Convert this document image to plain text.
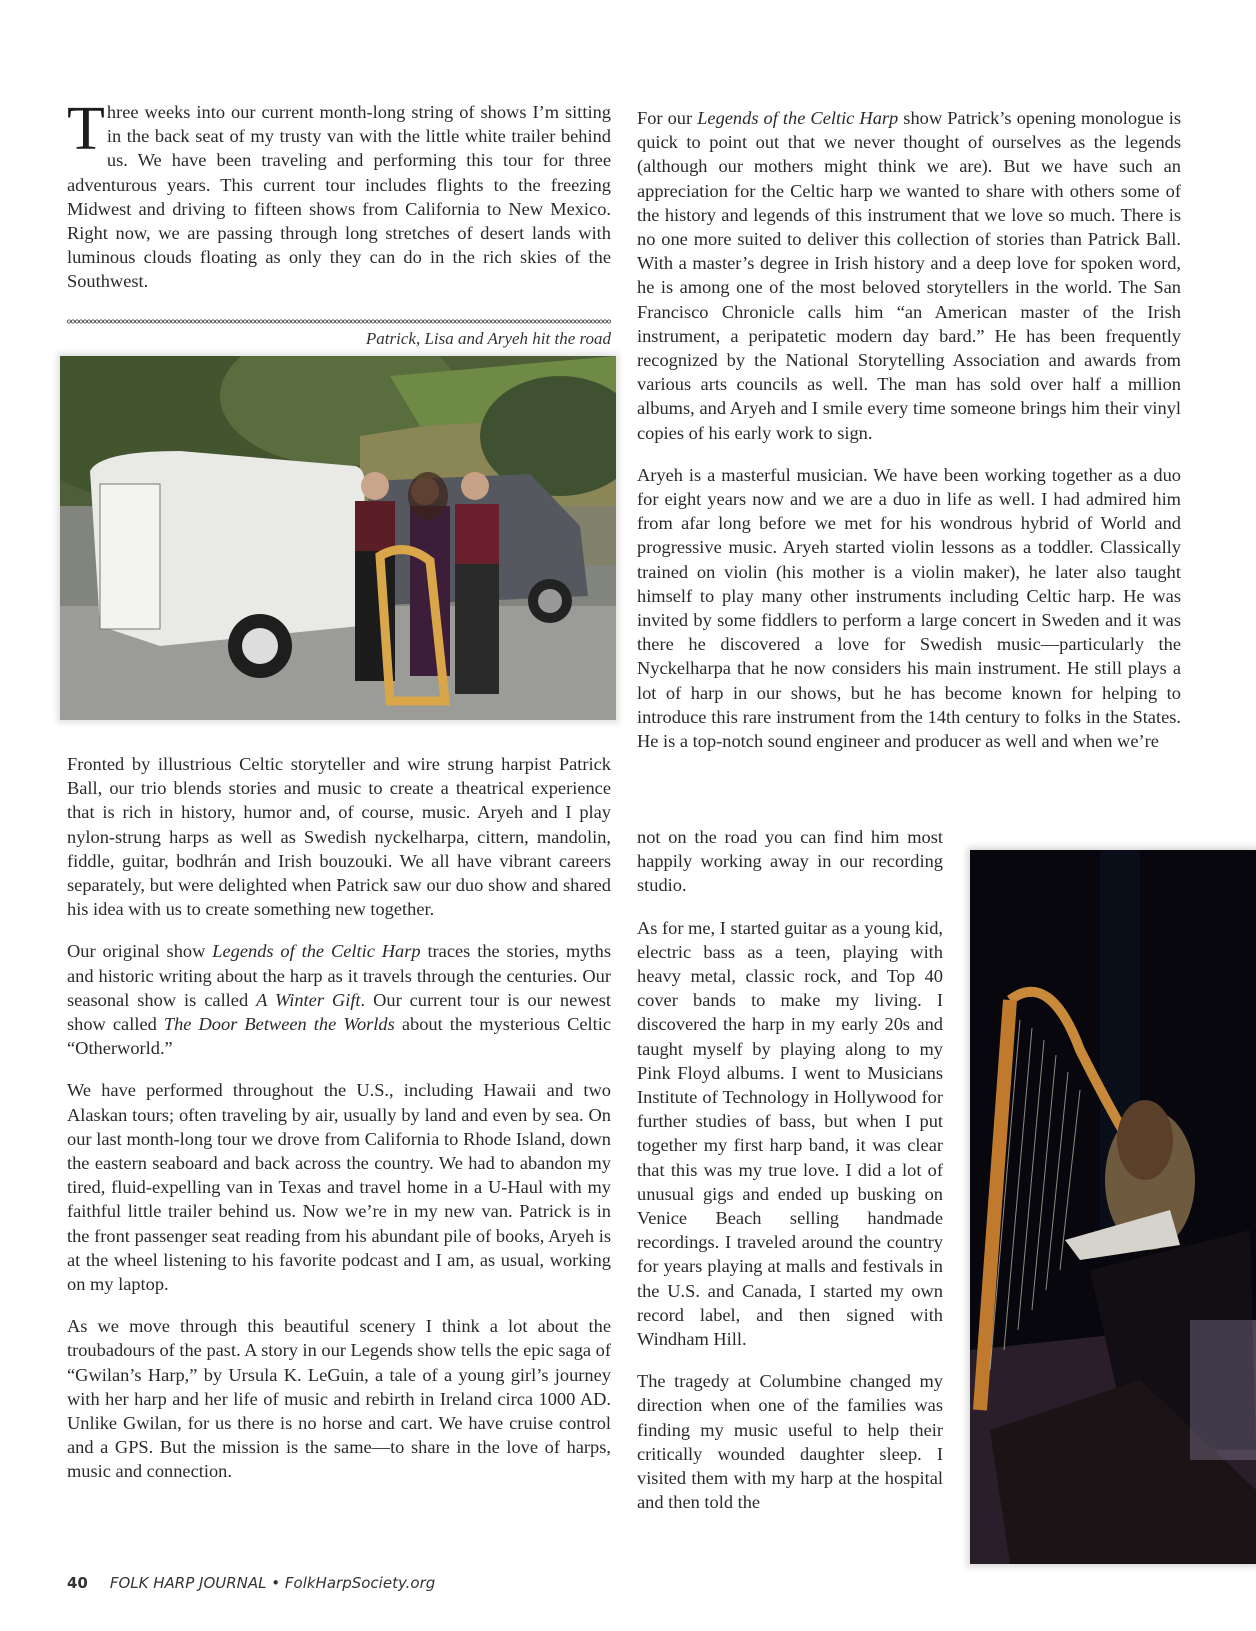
Three weeks into our current month-long string of shows I’m sitting in the back seat of my trusty van with the little white trailer behind us. We have been traveling and performing this tour for three adventurous years. This current tour includes flights to the freezing Midwest and driving to fifteen shows from California to New Mexico. Right now, we are passing through long stretches of desert lands with luminous clouds floating as only they can do in the rich skies of the Southwest.

Patrick, Lisa and Aryeh hit the road

Fronted by illustrious Celtic storyteller and wire strung harpist Patrick Ball, our trio blends stories and music to create a theatrical experience that is rich in history, humor and, of course, music. Aryeh and I play nylon-strung harps as well as Swedish nyckelharpa, cittern, mandolin, fiddle, guitar, bodhrán and Irish bouzouki. We all have vibrant careers separately, but were delighted when Patrick saw our duo show and shared his idea with us to create something new together.

Our original show Legends of the Celtic Harp traces the stories, myths and historic writing about the harp as it travels through the centuries. Our seasonal show is called A Winter Gift. Our current tour is our newest show called The Door Between the Worlds about the mysterious Celtic “Otherworld.”

We have performed throughout the U.S., including Hawaii and two Alaskan tours; often traveling by air, usually by land and even by sea. On our last month-long tour we drove from California to Rhode Island, down the eastern seaboard and back across the country. We had to abandon my tired, fluid-expelling van in Texas and travel home in a U-Haul with my faithful little trailer behind us. Now we’re in my new van. Patrick is in the front passenger seat reading from his abundant pile of books, Aryeh is at the wheel listening to his favorite podcast and I am, as usual, working on my laptop.

As we move through this beautiful scenery I think a lot about the troubadours of the past. A story in our Legends show tells the epic saga of “Gwilan’s Harp,” by Ursula K. LeGuin, a tale of a young girl’s journey with her harp and her life of music and rebirth in Ireland circa 1000 AD. Unlike Gwilan, for us there is no horse and cart. We have cruise control and a GPS. But the mission is the same—to share in the love of harps, music and connection.

For our Legends of the Celtic Harp show Patrick’s opening monologue is quick to point out that we never thought of ourselves as the legends (although our mothers might think we are). But we have such an appreciation for the Celtic harp we wanted to share with others some of the history and legends of this instrument that we love so much. There is no one more suited to deliver this collection of stories than Patrick Ball. With a master’s degree in Irish history and a deep love for spoken word, he is among one of the most beloved storytellers in the world. The San Francisco Chronicle calls him “an American master of the Irish instrument, a peripatetic modern day bard.” He has been frequently recognized by the National Storytelling Association and awards from various arts councils as well. The man has sold over half a million albums, and Aryeh and I smile every time someone brings him their vinyl copies of his early work to sign.

Aryeh is a masterful musician. We have been working together as a duo for eight years now and we are a duo in life as well. I had admired him from afar long before we met for his wondrous hybrid of World and progressive music. Aryeh started violin lessons as a toddler. Classically trained on violin (his mother is a violin maker), he later also taught himself to play many other instruments including Celtic harp. He was invited by some fiddlers to perform a large concert in Sweden and it was there he discovered a love for Swedish music—particularly the Nyckelharpa that he now considers his main instrument. He still plays a lot of harp in our shows, but he has become known for helping to introduce this rare instrument from the 14th century to folks in the States. He is a top-notch sound engineer and producer as well and when we’re

not on the road you can find him most happily working away in our recording studio.

As for me, I started guitar as a young kid, electric bass as a teen, playing with heavy metal, classic rock, and Top 40 cover bands to make my living. I discovered the harp in my early 20s and taught myself by playing along to my Pink Floyd albums. I went to Musicians Institute of Technology in Hollywood for further studies of bass, but when I put together my first harp band, it was clear that this was my true love. I did a lot of unusual gigs and ended up busking on Venice Beach selling handmade recordings. I traveled around the country for years playing at malls and festivals in the U.S. and Canada, I started my own record label, and then signed with Windham Hill.

The tragedy at Columbine changed my direction when one of the families was finding my music useful to help their critically wounded daughter sleep. I visited them with my harp at the hospital and then told the

40 FOLK HARP JOURNAL • FolkHarpSociety.org
